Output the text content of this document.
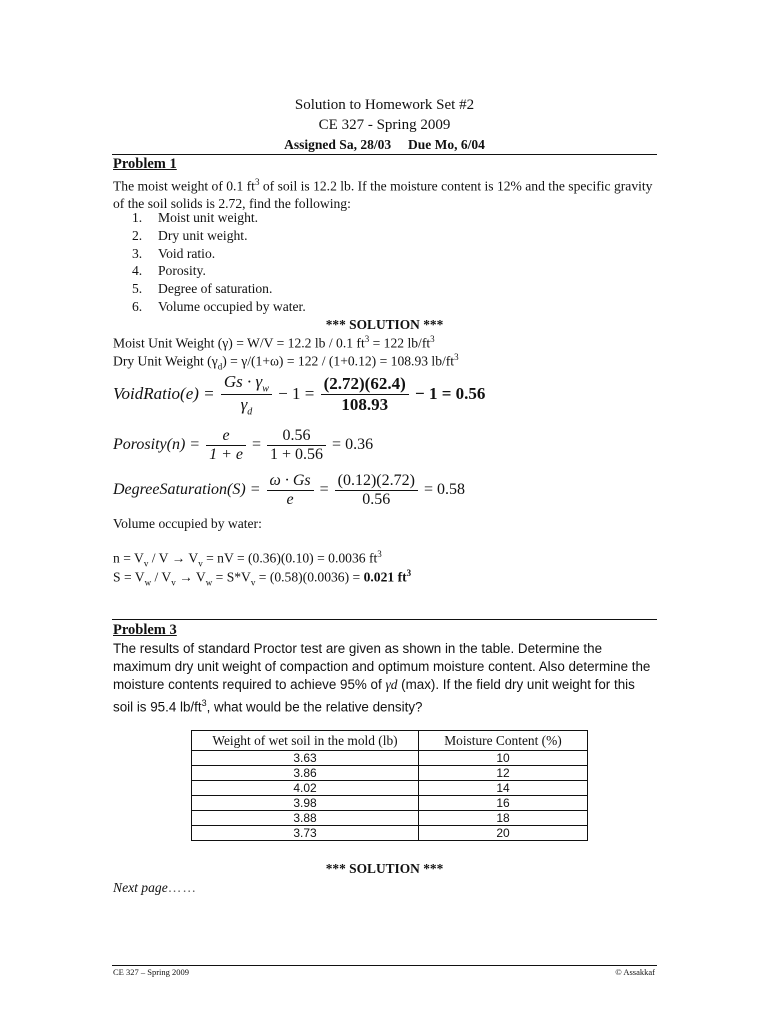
Solution to Homework Set #2
CE 327 - Spring 2009
Assigned Sa, 28/03 Due Mo, 6/04
Problem 1
The moist weight of 0.1 $ft^3$ of soil is 12.2 lb. If the moisture content is 12% and the specific gravity of the soil solids is 2.72, find the following:
1. Moist unit weight.
2. Dry unit weight.
3. Void ratio.
4. Porosity.
5. Degree of saturation.
6. Volume occupied by water.
*** SOLUTION ***
Moist Unit Weight (γ) = W/V = 12.2 lb / 0.1 $ft^3 = 122$ $lb/ft^3$
Dry Unit Weight $(\gamma_d) = \gamma/(1+\omega) = 122 / (1+0.12) = 108.93$ $lb/ft^3$
VoidRatio(e) = $\frac{Gs \cdot \gamma_w}{\gamma_d} - 1 = \frac{(2.72)(62.4)}{108.93} - 1 = 0.56$
Porosity(n) = $\frac{e}{1 + e} = \frac{0.56}{1 + 0.56} = 0.36$
DegreeSaturation(S) = $\frac{\omega \cdot Gs}{e} = \frac{(0.12)(2.72)}{0.56} = 0.58$
Volume occupied by water:
$n = V_v / V \to V_v$ = nV = (0.36)(0.10) = 0.0036 $ft^3$
$S = V_w / V_v \to V_w = S*V_v = (0.58)(0.0036) = 0.021$ $ft^3$
Problem 3
The results of standard Proctor test are given as shown in the table. Determine the maximum dry unit weight of compaction and optimum moisture content. Also determine the moisture contents required to achieve 95% of γd (max). If the field dry unit weight for this soil is 95.4 $lb/ft^3$, what would be the relative density?
Weight of wet soil in the mold (lb)	Moisture Content (%)
3.63	10
3.86	12
4.02	14
3.98	16
3.88	18
3.73	20
*** SOLUTION ***
Next page……
CE 327 – Spring 2009	© Assakkaf
